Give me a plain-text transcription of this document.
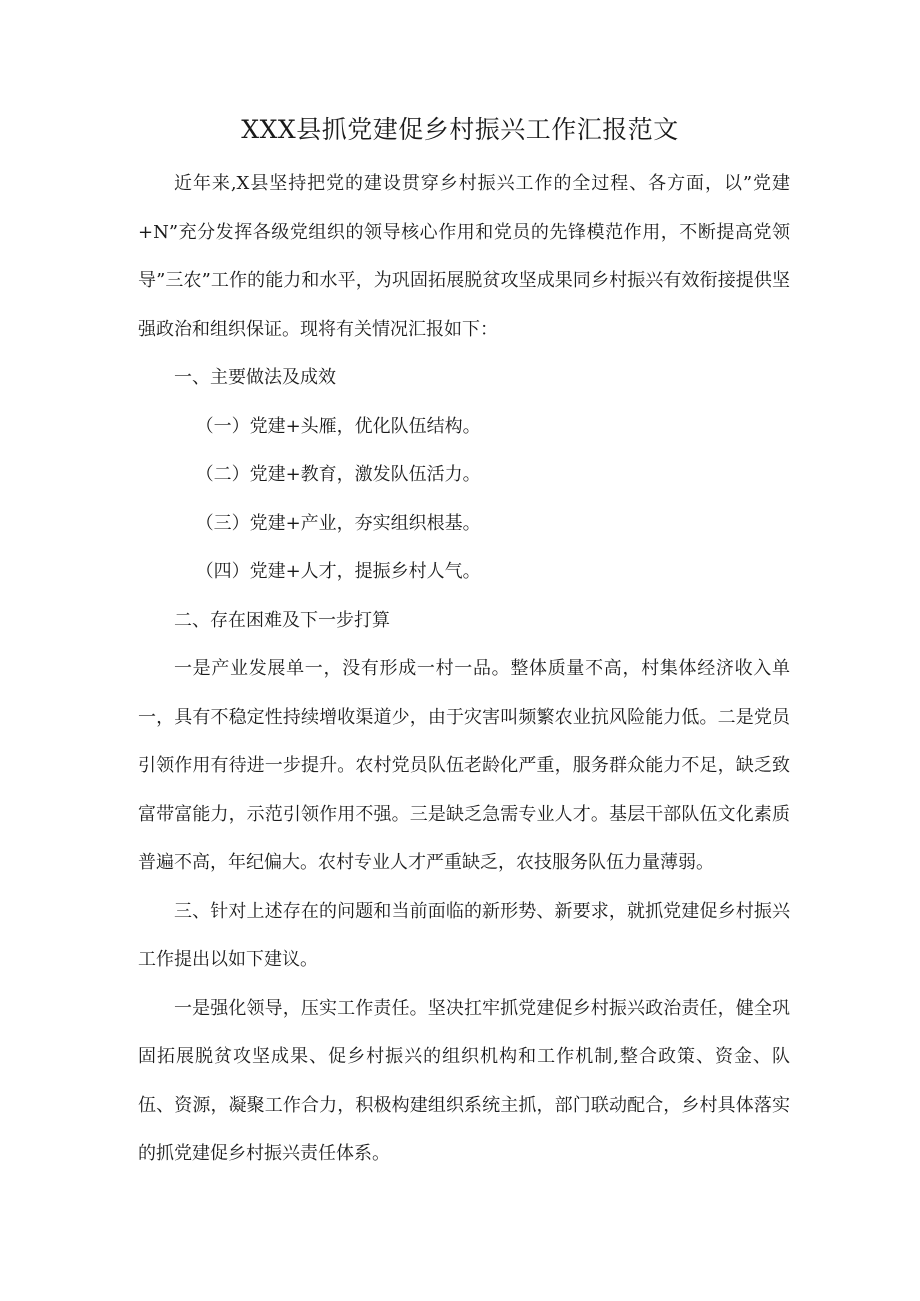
XXX县抓党建促乡村振兴工作汇报范文

近年来,X县坚持把党的建设贯穿乡村振兴工作的全过程、各方面，以”党建+N”充分发挥各级党组织的领导核心作用和党员的先锋模范作用，不断提高党领导”三农”工作的能力和水平，为巩固拓展脱贫攻坚成果同乡村振兴有效衔接提供坚强政治和组织保证。现将有关情况汇报如下：

一、主要做法及成效

（一）党建+头雁，优化队伍结构。

（二）党建+教育，激发队伍活力。

（三）党建+产业，夯实组织根基。

（四）党建+人才，提振乡村人气。

二、存在困难及下一步打算

一是产业发展单一，没有形成一村一品。整体质量不高，村集体经济收入单一，具有不稳定性持续增收渠道少，由于灾害叫频繁农业抗风险能力低。二是党员引领作用有待进一步提升。农村党员队伍老龄化严重，服务群众能力不足，缺乏致富带富能力，示范引领作用不强。三是缺乏急需专业人才。基层干部队伍文化素质普遍不高，年纪偏大。农村专业人才严重缺乏，农技服务队伍力量薄弱。

三、针对上述存在的问题和当前面临的新形势、新要求，就抓党建促乡村振兴工作提出以如下建议。

一是强化领导，压实工作责任。坚决扛牢抓党建促乡村振兴政治责任，健全巩固拓展脱贫攻坚成果、促乡村振兴的组织机构和工作机制,整合政策、资金、队伍、资源，凝聚工作合力，积极构建组织系统主抓，部门联动配合，乡村具体落实的抓党建促乡村振兴责任体系。
